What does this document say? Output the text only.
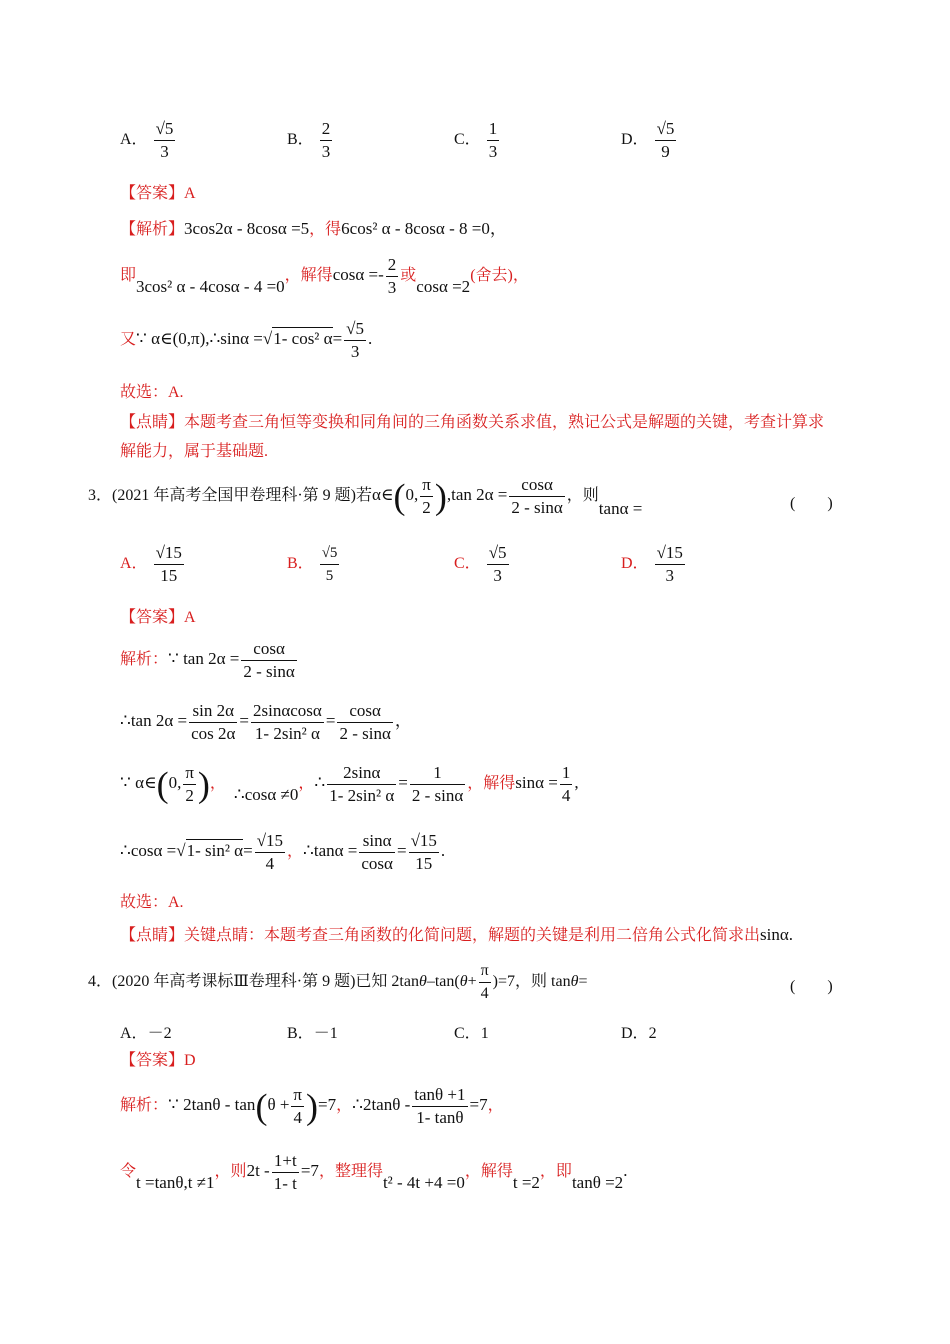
A． $\frac{√5}{3}$	B． $\frac{2}{3}$	C． $\frac{1}{3}$	D． $\frac{√5}{9}$
【答案】A
【解析】3cos2α - 8cosα =5，得6cos² α - 8cosα - 8 =0，
即3cos² α - 4cosα - 4 =0，解得$\cos\alpha =- \frac{2}{3}$ 或cosα =2(舍去)，
又∵ α∈(0,π),∴sinα =√1- cos² $\alpha= \frac{√5}{3}$ .
故选：A.
【点睛】本题考查三角恒等变换和同角间的三角函数关系求值，熟记公式是解题的关键，考查计算求
解能力，属于基础题.
3．(2021 年高考全国甲卷理科·第 9 题)若α∈(0, $\frac{\pi}{2} ),\tan$ $2\alpha = \frac{\cos\alpha}{2 - \sin\alpha}$ ，则tanα =	(　　)
A． $\frac{√15}{15}$	B． $\frac{√5}{5}$	C． $\frac{√5}{3}$	D． $\frac{√15}{3}$
【答案】A
解析：∵ $\tan 2\alpha = \frac{\cos\alpha}{2 - \sin\alpha}$
∴tan $2\alpha = \frac{\sin 2\alpha}{\cos 2\alpha} = \frac{2\sin\alpha\cos\alpha}{\text{1- 2sin² α}} = \frac{\cos\alpha}{2 - \sin\alpha}$ ，
∵ α∈(0, $\frac{\pi}{2}$ )，∴cosα ≠0，∴ $\frac{2\sin\alpha}{\text{1- 2sin² α}} = \frac{1}{2 - \sin\alpha}$ ，解得$\sin\alpha = \frac{1}{4}$ ,
∴cosα =√1- sin² $\alpha= \frac{√15}{4}$ ，∴tanα = $\frac{\sin\alpha}{\cos\alpha} = \frac{√15}{15}$ .
故选：A.
【点睛】关键点睛：本题考查三角函数的化简问题，解题的关键是利用二倍角公式化简求出sinα.
4．(2020 年高考课标Ⅲ卷理科·第 9 题)已知 $2\tan\theta-\tan(\theta+ \frac{\pi}{4} )=7$，则 tanθ=	(　　)
A．－2	B．－1	C．1	D．2
【答案】D
解析：∵ $2\tan\theta - \tan(\theta + \frac{\pi}{4} )=7$，∴2tanθ - $\frac{\tan\theta +1}{1- \tan\theta} =7$，
令t =tanθ,t ≠1，则$2t - \frac{1+t}{1- t} =7$，整理得t² - 4t +4 =0，解得t =2，即tanθ =2.
